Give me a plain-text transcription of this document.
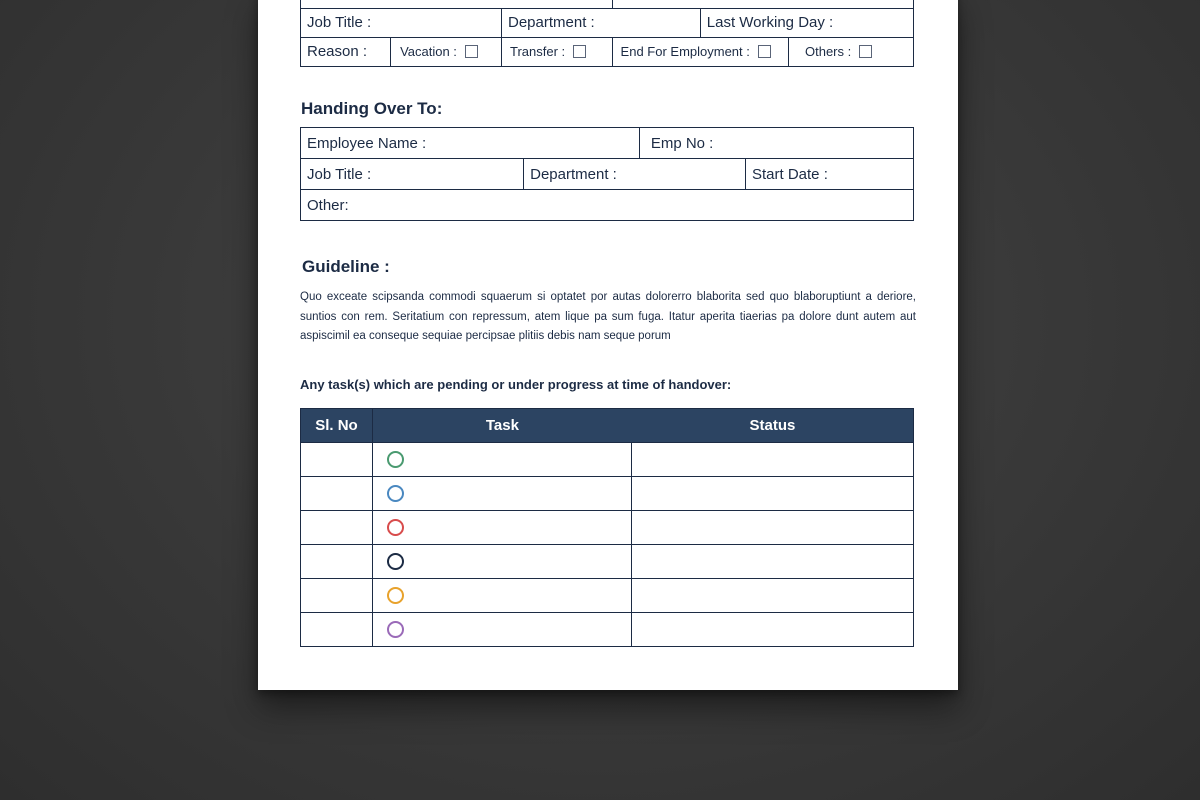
Job Title :		Department :		Last Working Day :	
Reason :	Vacation :	Transfer :	End For Employment :		Others :
Handing Over To:
Employee Name :		Emp No :	
Job Title :	Department :		Start Date :
Other:			
Guideline :
Quo exceate scipsanda commodi squaerum si optatet por autas dolorerro blaborita sed quo blaboruptiunt a deriore, suntios con rem. Seritatium con repressum, atem lique pa sum fuga. Itatur aperita tiaerias pa dolore dunt autem aut aspiscimil ea conseque sequiae percipsae plitiis debis nam seque porum
Any task(s) which are pending or under progress at time of handover:
Sl. No	Task	Status
